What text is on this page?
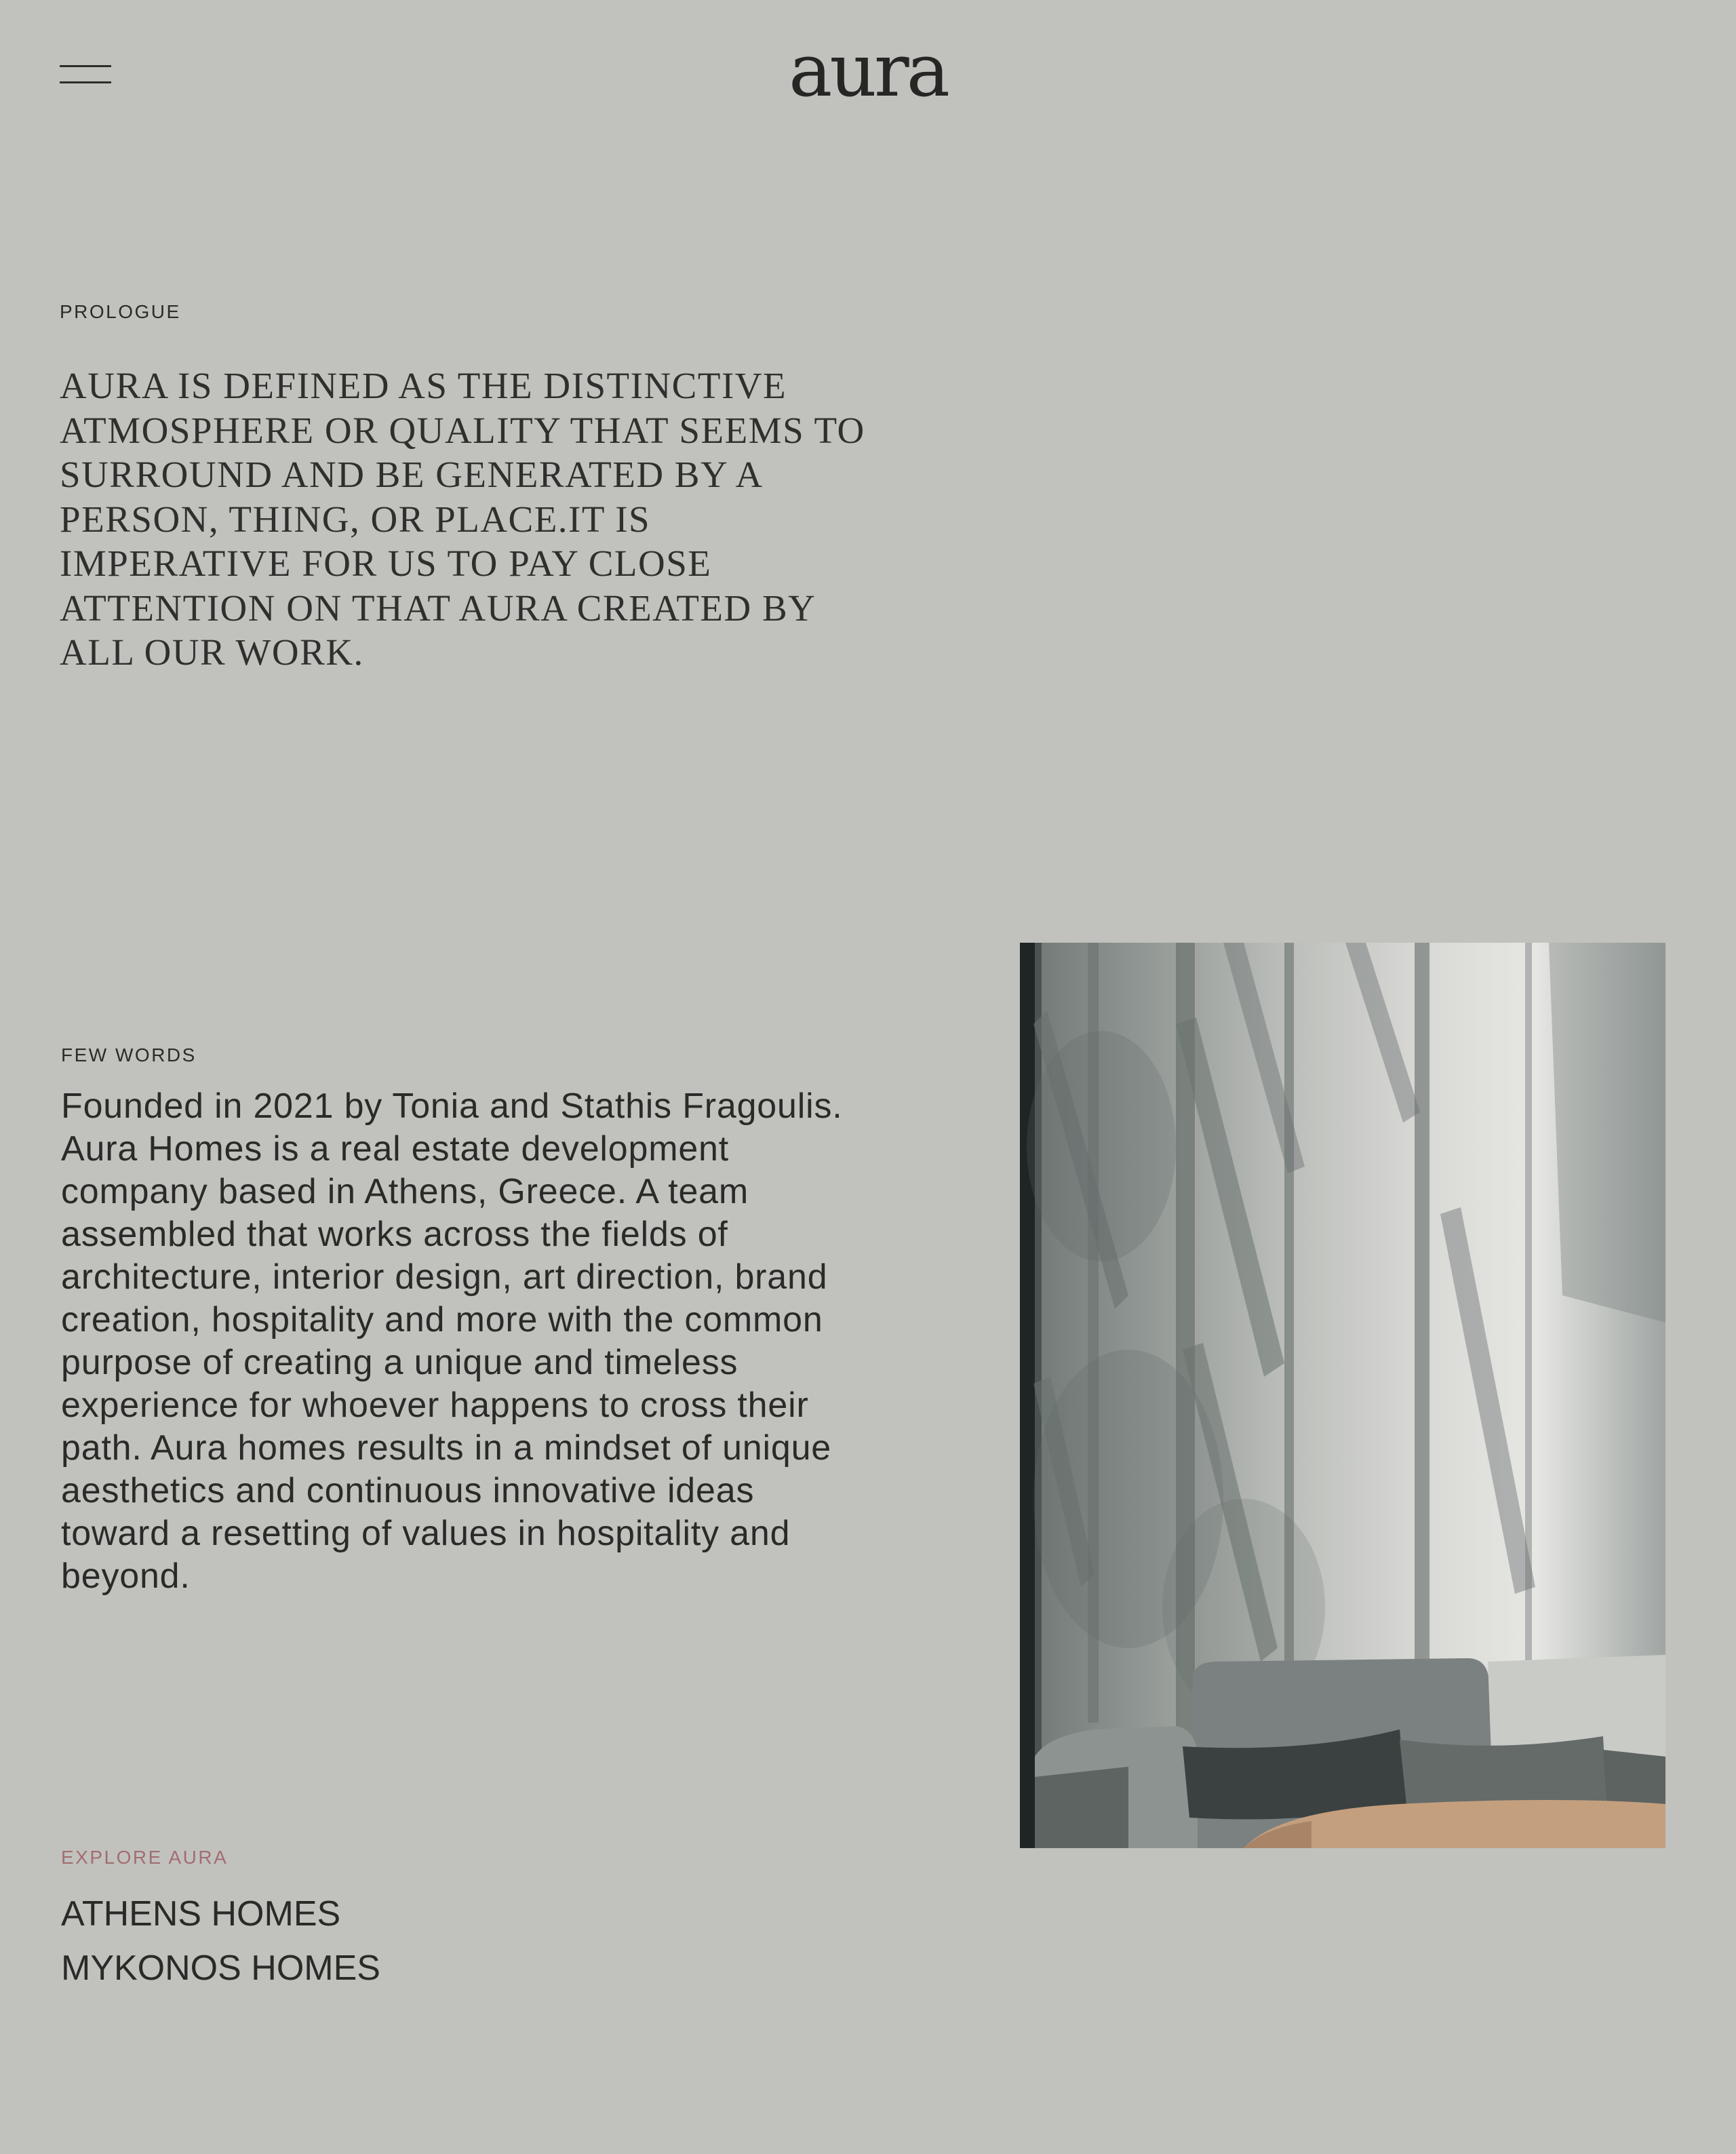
aura
PROLOGUE

AURA IS DEFINED AS THE DISTINCTIVE ATMOSPHERE OR QUALITY THAT SEEMS TO SURROUND AND BE GENERATED BY A PERSON, THING, OR PLACE.IT IS IMPERATIVE FOR US TO PAY CLOSE ATTENTION ON THAT AURA CREATED BY ALL OUR WORK.

FEW WORDS

Founded in 2021 by Tonia and Stathis Fragoulis. Aura Homes is a real estate development company based in Athens, Greece. A team assembled that works across the fields of architecture, interior design, art direction, brand creation, hospitality and more with the common purpose of creating a unique and timeless experience for whoever happens to cross their path. Aura homes results in a mindset of unique aesthetics and continuous innovative ideas toward a resetting of values in hospitality and beyond.

EXPLORE AURA
ATHENS HOMES
MYKONOS HOMES
